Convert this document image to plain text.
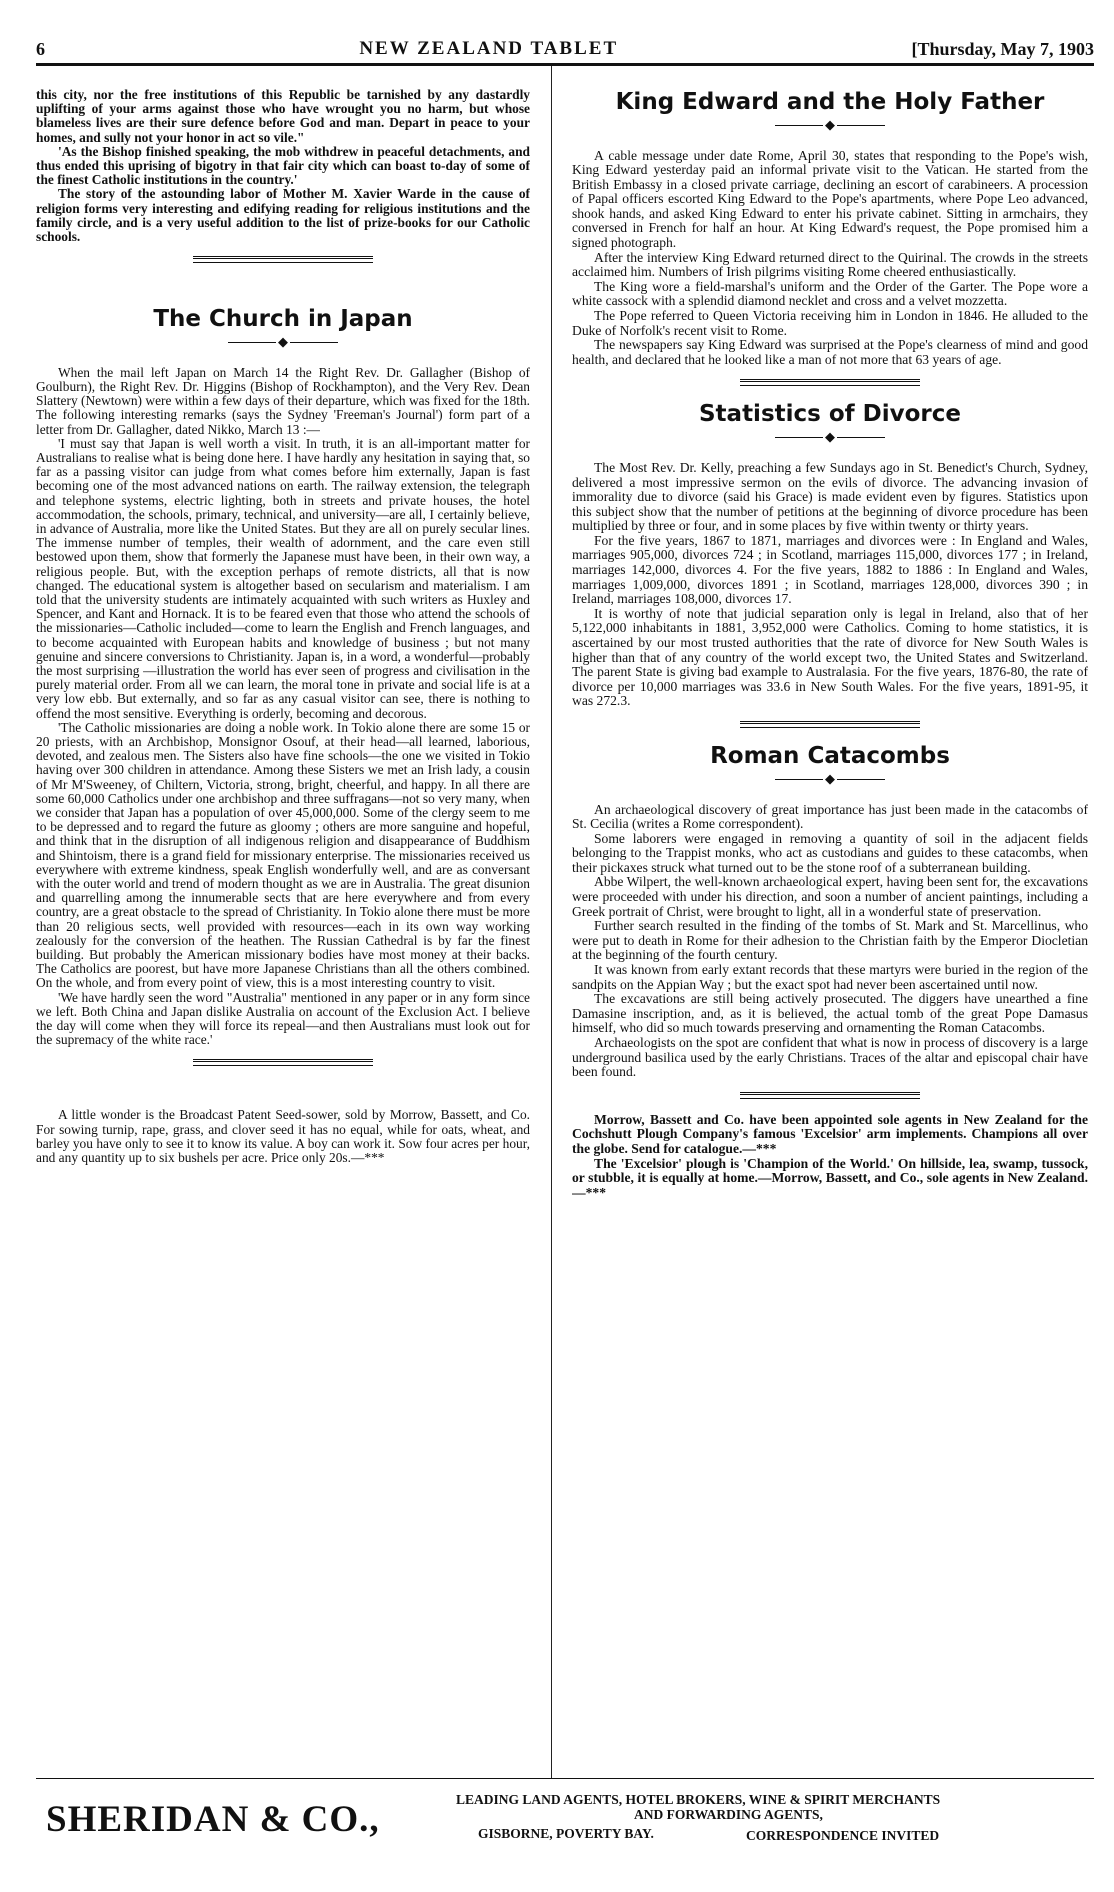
6	NEW ZEALAND TABLET	[Thursday, May 7, 1903

this city, nor the free institutions of this Republic be tarnished by any dastardly uplifting of your arms against those who have wrought you no harm, but whose blameless lives are their sure defence before God and man. Depart in peace to your homes, and sully not your honor in act so vile."

'As the Bishop finished speaking, the mob withdrew in peaceful detachments, and thus ended this uprising of bigotry in that fair city which can boast to-day of some of the finest Catholic institutions in the country.'

The story of the astounding labor of Mother M. Xavier Warde in the cause of religion forms very interesting and edifying reading for religious institutions and the family circle, and is a very useful addition to the list of prize-books for our Catholic schools.

The Church in Japan
◆

When the mail left Japan on March 14 the Right Rev. Dr. Gallagher (Bishop of Goulburn), the Right Rev. Dr. Higgins (Bishop of Rockhampton), and the Very Rev. Dean Slattery (Newtown) were within a few days of their departure, which was fixed for the 18th. The following interesting remarks (says the Sydney 'Freeman's Journal') form part of a letter from Dr. Gallagher, dated Nikko, March 13 :—

'I must say that Japan is well worth a visit. In truth, it is an all-important matter for Australians to realise what is being done here. I have hardly any hesitation in saying that, so far as a passing visitor can judge from what comes before him externally, Japan is fast becoming one of the most advanced nations on earth. The railway extension, the telegraph and telephone systems, electric lighting, both in streets and private houses, the hotel accommodation, the schools, primary, technical, and university—are all, I certainly believe, in advance of Australia, more like the United States. But they are all on purely secular lines. The immense number of temples, their wealth of adornment, and the care even still bestowed upon them, show that formerly the Japanese must have been, in their own way, a religious people. But, with the exception perhaps of remote districts, all that is now changed. The educational system is altogether based on secularism and materialism. I am told that the university students are intimately acquainted with such writers as Huxley and Spencer, and Kant and Hornack. It is to be feared even that those who attend the schools of the missionaries—Catholic included—come to learn the English and French languages, and to become acquainted with European habits and knowledge of business ; but not many genuine and sincere conversions to Christianity. Japan is, in a word, a wonderful—probably the most surprising —illustration the world has ever seen of progress and civilisation in the purely material order. From all we can learn, the moral tone in private and social life is at a very low ebb. But externally, and so far as any casual visitor can see, there is nothing to offend the most sensitive. Everything is orderly, becoming and decorous.

'The Catholic missionaries are doing a noble work. In Tokio alone there are some 15 or 20 priests, with an Archbishop, Monsignor Osouf, at their head—all learned, laborious, devoted, and zealous men. The Sisters also have fine schools—the one we visited in Tokio having over 300 children in attendance. Among these Sisters we met an Irish lady, a cousin of Mr M'Sweeney, of Chiltern, Victoria, strong, bright, cheerful, and happy. In all there are some 60,000 Catholics under one archbishop and three suffragans—not so very many, when we consider that Japan has a population of over 45,000,000. Some of the clergy seem to me to be depressed and to regard the future as gloomy ; others are more sanguine and hopeful, and think that in the disruption of all indigenous religion and disappearance of Buddhism and Shintoism, there is a grand field for missionary enterprise. The missionaries received us everywhere with extreme kindness, speak English wonderfully well, and are as conversant with the outer world and trend of modern thought as we are in Australia. The great disunion and quarrelling among the innumerable sects that are here everywhere and from every country, are a great obstacle to the spread of Christianity. In Tokio alone there must be more than 20 religious sects, well provided with resources—each in its own way working zealously for the conversion of the heathen. The Russian Cathedral is by far the finest building. But probably the American missionary bodies have most money at their backs. The Catholics are poorest, but have more Japanese Christians than all the others combined. On the whole, and from every point of view, this is a most interesting country to visit.

'We have hardly seen the word "Australia" mentioned in any paper or in any form since we left. Both China and Japan dislike Australia on account of the Exclusion Act. I believe the day will come when they will force its repeal—and then Australians must look out for the supremacy of the white race.'

A little wonder is the Broadcast Patent Seed-sower, sold by Morrow, Bassett, and Co. For sowing turnip, rape, grass, and clover seed it has no equal, while for oats, wheat, and barley you have only to see it to know its value. A boy can work it. Sow four acres per hour, and any quantity up to six bushels per acre. Price only 20s.—***

King Edward and the Holy Father
◆

A cable message under date Rome, April 30, states that responding to the Pope's wish, King Edward yesterday paid an informal private visit to the Vatican. He started from the British Embassy in a closed private carriage, declining an escort of carabineers. A procession of Papal officers escorted King Edward to the Pope's apartments, where Pope Leo advanced, shook hands, and asked King Edward to enter his private cabinet. Sitting in armchairs, they conversed in French for half an hour. At King Edward's request, the Pope promised him a signed photograph.

After the interview King Edward returned direct to the Quirinal. The crowds in the streets acclaimed him. Numbers of Irish pilgrims visiting Rome cheered enthusiastically.

The King wore a field-marshal's uniform and the Order of the Garter. The Pope wore a white cassock with a splendid diamond necklet and cross and a velvet mozzetta.

The Pope referred to Queen Victoria receiving him in London in 1846. He alluded to the Duke of Norfolk's recent visit to Rome.

The newspapers say King Edward was surprised at the Pope's clearness of mind and good health, and declared that he looked like a man of not more that 63 years of age.

Statistics of Divorce
◆

The Most Rev. Dr. Kelly, preaching a few Sundays ago in St. Benedict's Church, Sydney, delivered a most impressive sermon on the evils of divorce. The advancing invasion of immorality due to divorce (said his Grace) is made evident even by figures. Statistics upon this subject show that the number of petitions at the beginning of divorce procedure has been multiplied by three or four, and in some places by five within twenty or thirty years.

For the five years, 1867 to 1871, marriages and divorces were : In England and Wales, marriages 905,000, divorces 724 ; in Scotland, marriages 115,000, divorces 177 ; in Ireland, marriages 142,000, divorces 4. For the five years, 1882 to 1886 : In England and Wales, marriages 1,009,000, divorces 1891 ; in Scotland, marriages 128,000, divorces 390 ; in Ireland, marriages 108,000, divorces 17.

It is worthy of note that judicial separation only is legal in Ireland, also that of her 5,122,000 inhabitants in 1881, 3,952,000 were Catholics. Coming to home statistics, it is ascertained by our most trusted authorities that the rate of divorce for New South Wales is higher than that of any country of the world except two, the United States and Switzerland. The parent State is giving bad example to Australasia. For the five years, 1876-80, the rate of divorce per 10,000 marriages was 33.6 in New South Wales. For the five years, 1891-95, it was 272.3.

Roman Catacombs
◆

An archaeological discovery of great importance has just been made in the catacombs of St. Cecilia (writes a Rome correspondent).

Some laborers were engaged in removing a quantity of soil in the adjacent fields belonging to the Trappist monks, who act as custodians and guides to these catacombs, when their pickaxes struck what turned out to be the stone roof of a subterranean building.

Abbe Wilpert, the well-known archaeological expert, having been sent for, the excavations were proceeded with under his direction, and soon a number of ancient paintings, including a Greek portrait of Christ, were brought to light, all in a wonderful state of preservation.

Further search resulted in the finding of the tombs of St. Mark and St. Marcellinus, who were put to death in Rome for their adhesion to the Christian faith by the Emperor Diocletian at the beginning of the fourth century.

It was known from early extant records that these martyrs were buried in the region of the sandpits on the Appian Way ; but the exact spot had never been ascertained until now.

The excavations are still being actively prosecuted. The diggers have unearthed a fine Damasine inscription, and, as it is believed, the actual tomb of the great Pope Damasus himself, who did so much towards preserving and ornamenting the Roman Catacombs.

Archaeologists on the spot are confident that what is now in process of discovery is a large underground basilica used by the early Christians. Traces of the altar and episcopal chair have been found.

Morrow, Bassett and Co. have been appointed sole agents in New Zealand for the Cochshutt Plough Company's famous 'Excelsior' arm implements. Champions all over the globe. Send for catalogue.—***

The 'Excelsior' plough is 'Champion of the World.' On hillside, lea, swamp, tussock, or stubble, it is equally at home.—Morrow, Bassett, and Co., sole agents in New Zealand.—***

SHERIDAN & CO.,	LEADING LAND AGENTS, HOTEL BROKERS, WINE & SPIRIT MERCHANTS
AND FORWARDING AGENTS,
GISBORNE, POVERTY BAY.	CORRESPONDENCE INVITED
